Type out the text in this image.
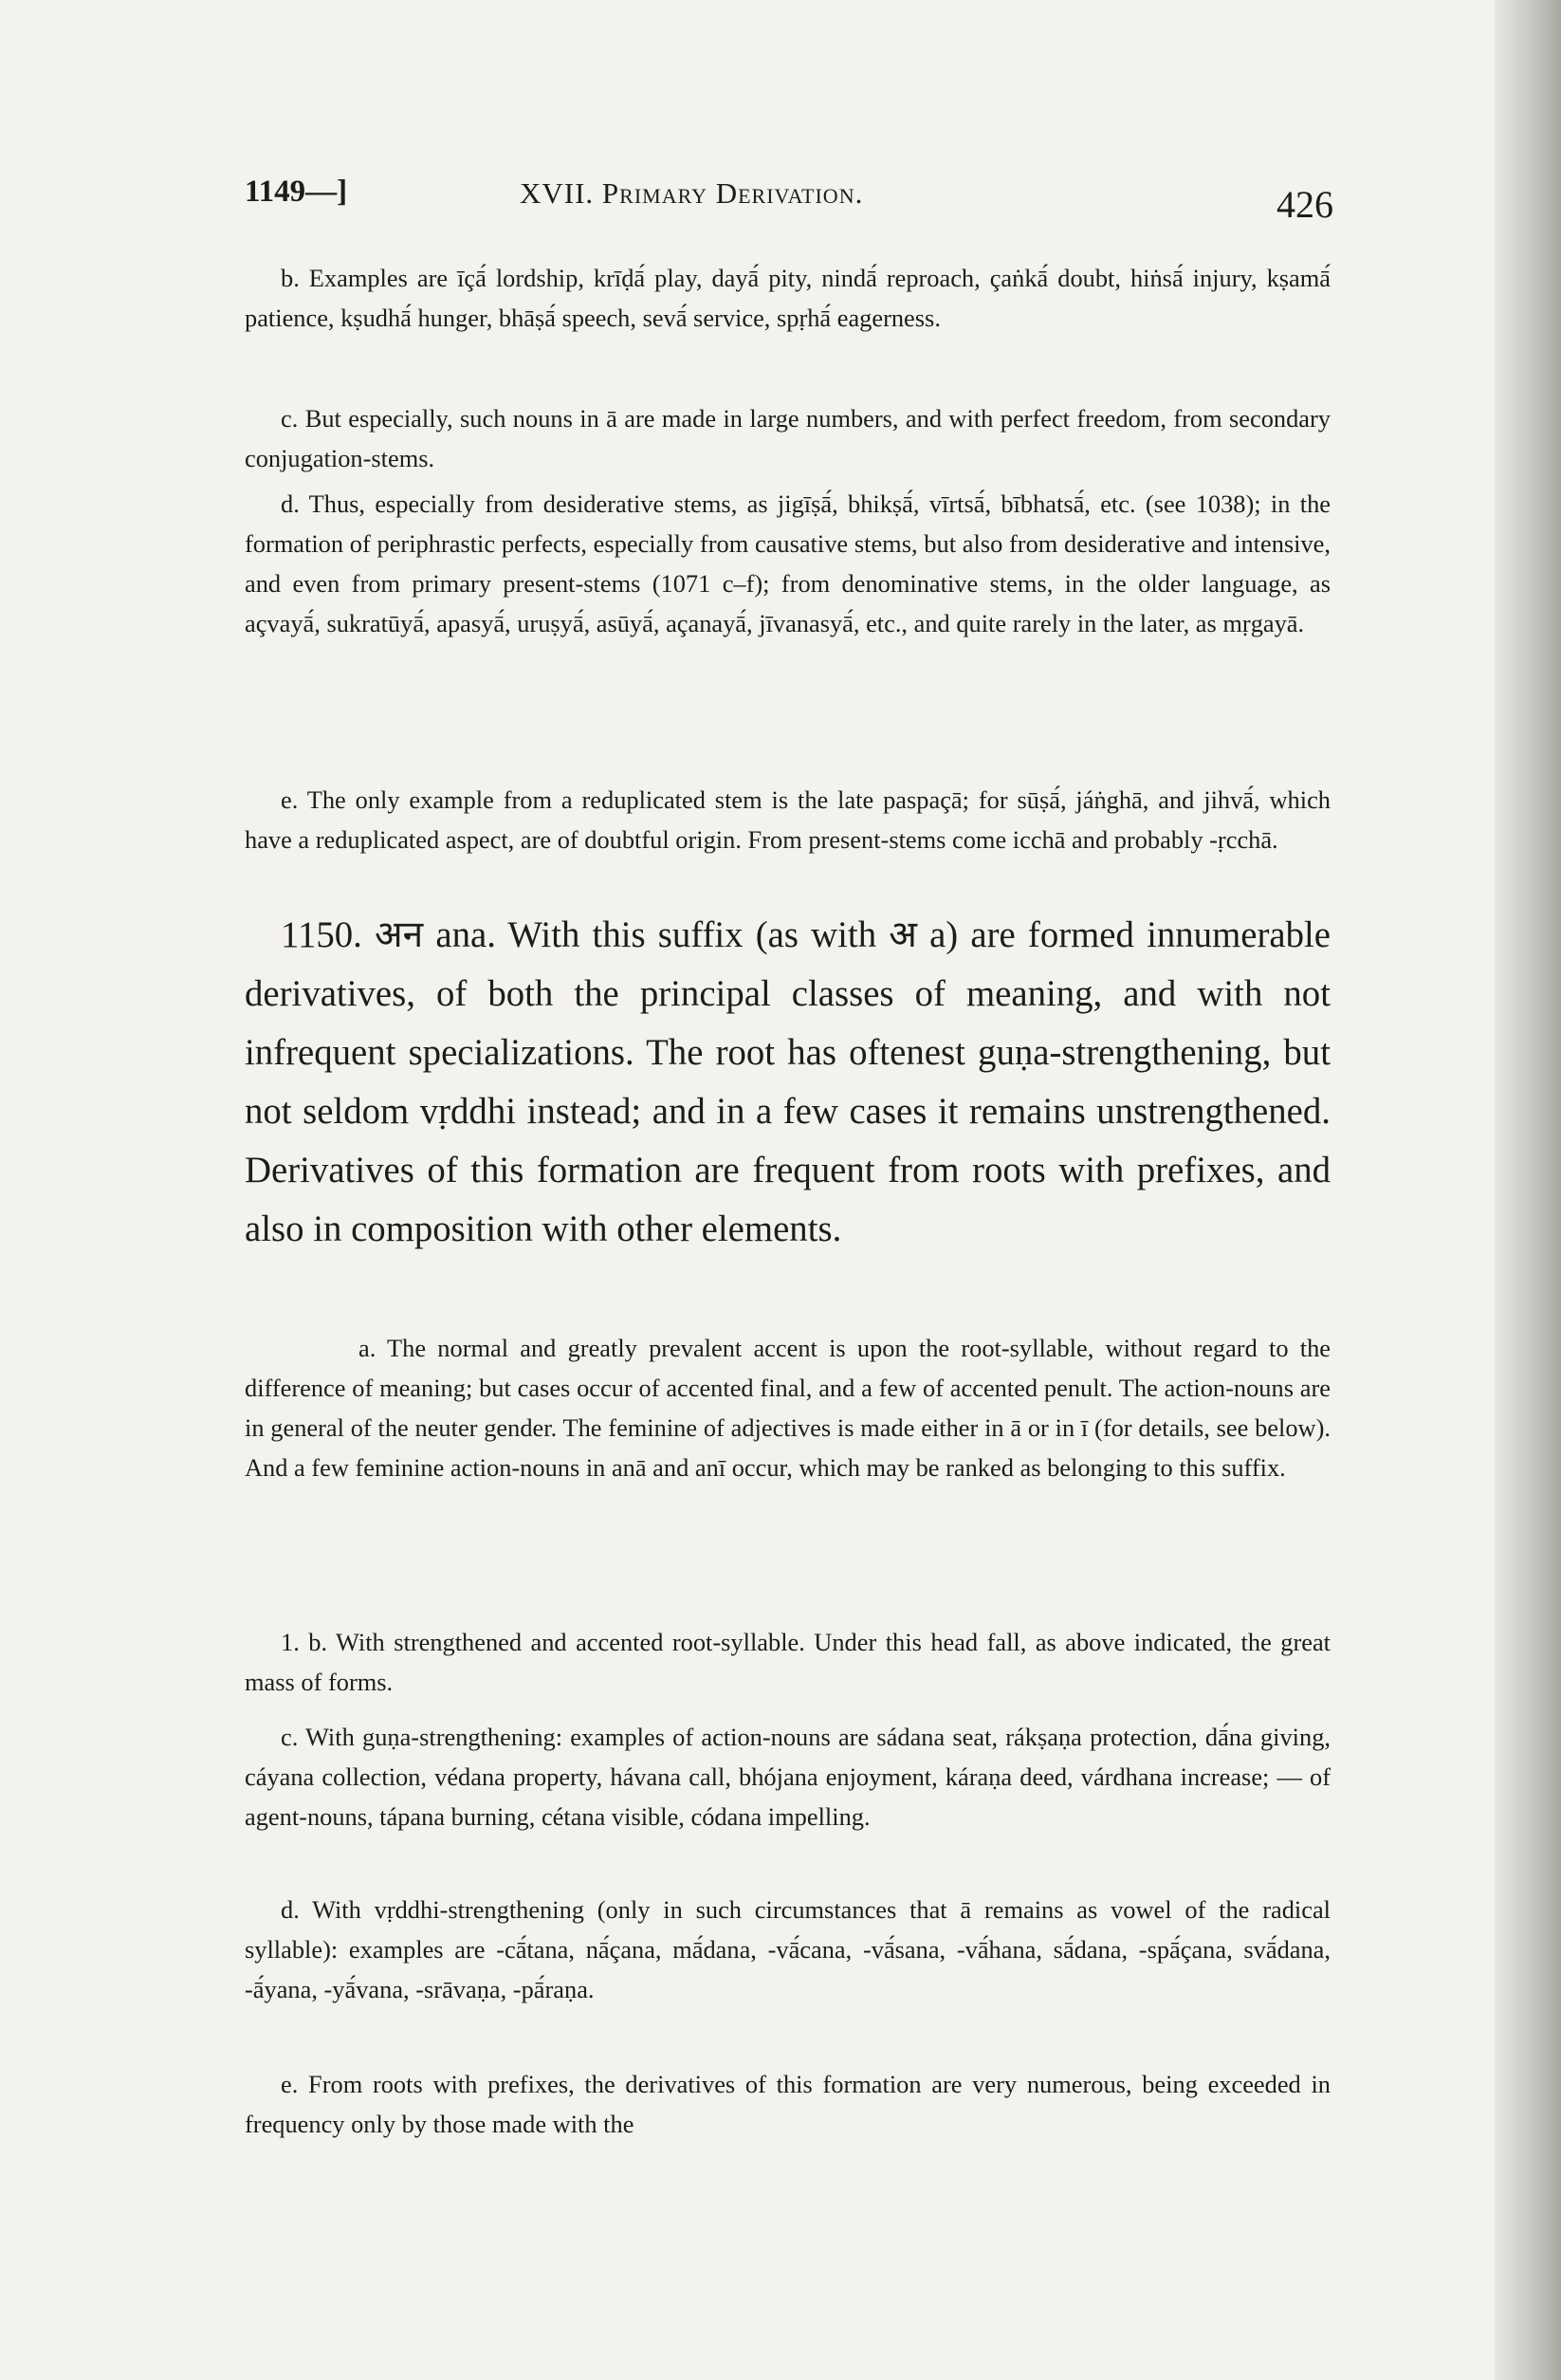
1149—]	XVII. Primary Derivation.	426

b. Examples are īçā́ lordship, krīḍā́ play, dayā́ pity, nindā́ reproach, çaṅkā́ doubt, hiṅsā́ injury, kṣamā́ patience, kṣudhā́ hunger, bhāṣā́ speech, sevā́ service, spṛhā́ eagerness.

c. But especially, such nouns in ā are made in large numbers, and with perfect freedom, from secondary conjugation-stems.

d. Thus, especially from desiderative stems, as jigīṣā́, bhikṣā́, vīrtsā́, bībhatsā́, etc. (see 1038); in the formation of periphrastic perfects, especially from causative stems, but also from desiderative and intensive, and even from primary present-stems (1071 c–f); from denominative stems, in the older language, as açvayā́, sukratūyā́, apasyā́, uruṣyā́, asūyā́, açanayā́, jīvanasyā́, etc., and quite rarely in the later, as mṛgayā.

e. The only example from a reduplicated stem is the late paspaçā; for sūṣā́, jáṅghā, and jihvā́, which have a reduplicated aspect, are of doubtful origin. From present-stems come icchā and probably -ṛcchā.

1150. अन ana. With this suffix (as with अ a) are formed innumerable derivatives, of both the principal classes of meaning, and with not infrequent specializations. The root has oftenest guṇa-strengthening, but not seldom vṛddhi instead; and in a few cases it remains unstrengthened. Derivatives of this formation are frequent from roots with prefixes, and also in composition with other elements.

a. The normal and greatly prevalent accent is upon the root-syllable, without regard to the difference of meaning; but cases occur of accented final, and a few of accented penult. The action-nouns are in general of the neuter gender. The feminine of adjectives is made either in ā or in ī (for details, see below). And a few feminine action-nouns in anā and anī occur, which may be ranked as belonging to this suffix.

1. b. With strengthened and accented root-syllable. Under this head fall, as above indicated, the great mass of forms.

c. With guṇa-strengthening: examples of action-nouns are sádana seat, rákṣaṇa protection, dā́na giving, cáyana collection, védana property, hávana call, bhójana enjoyment, káraṇa deed, várdhana increase; — of agent-nouns, tápana burning, cétana visible, códana impelling.

d. With vṛddhi-strengthening (only in such circumstances that ā remains as vowel of the radical syllable): examples are -cā́tana, nā́çana, mā́dana, -vā́cana, -vā́sana, -vā́hana, sā́dana, -spā́çana, svā́dana, -ā́yana, -yā́vana, -srāvaṇa, -pā́raṇa.

e. From roots with prefixes, the derivatives of this formation are very numerous, being exceeded in frequency only by those made with the
